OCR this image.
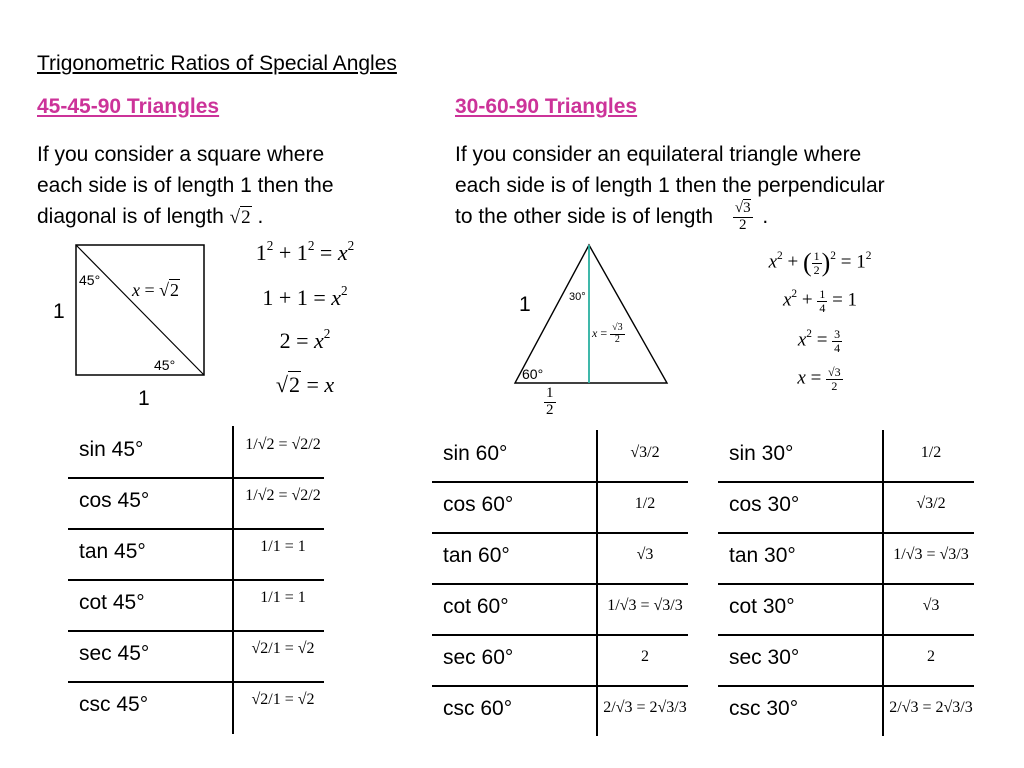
Trigonometric Ratios of Special Angles
45-45-90 Triangles
If you consider a square where
each side is of length 1 then the
diagonal is of length √2 .
30-60-90 Triangles
If you consider an equilateral triangle where
each side is of length 1 then the perpendicular
to the other side is of length $\frac{√3}{2}$ .
45°
45°
x = √2
1
1
$1^2 + 1^2 = x^2$
$1 + 1 = x^2$
$2 = x^2$
√2 = x
30°
60°
1
$x = \frac{√3}{2}$
$\frac{1}{2}$
$x^2$ + ( $\frac{1}{2} )^2 = 1^2$
$x^2 + \frac{1}{4} = 1$
$x^2 = \frac{3}{4}$
$x = \frac{√3}{2}$
sin 45°
cos 45°
tan 45°
cot 45°
sec 45°
csc 45°
1/√2 = √2/2
1/√2 = √2/2
1/1 = 1
1/1 = 1
√2/1 = √2
√2/1 = √2
sin 60°
cos 60°
tan 60°
cot 60°
sec 60°
csc 60°
√3/2
1/2
√3
1/√3 = √3/3
2
2/√3 = 2√3/3
sin 30°
cos 30°
tan 30°
cot 30°
sec 30°
csc 30°
1/2
√3/2
1/√3 = √3/3
√3
2
2/√3 = 2√3/3
